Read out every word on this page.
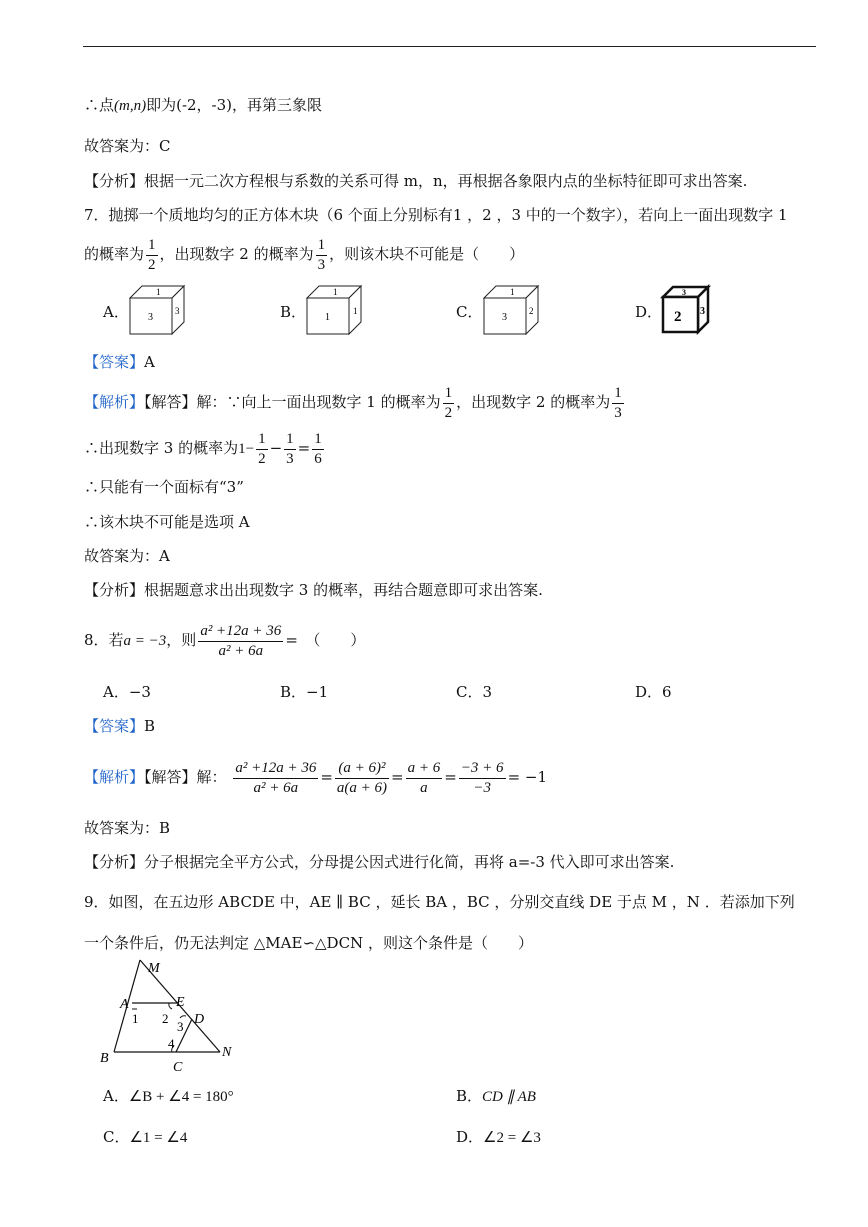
∴点(m,n)即为(-2，-3)，再第三象限
故答案为：C
【分析】根据一元二次方程根与系数的关系可得 m，n，再根据各象限内点的坐标特征即可求出答案.
7．抛掷一个质地均匀的正方体木块（6 个面上分别标有1 ，2 ，3 中的一个数字），若向上一面出现数字 1
的概率为 $\frac{1}{2}$ ，出现数字 2 的概率为 $\frac{1}{3}$ ，则该木块不可能是（　　）
A．
1
3
3	B．
1
1
1	C．
1
3
2	D．
3
2 3
【答案】A
【解析】【解答】解：∵向上一面出现数字 1 的概率为 $\frac{1}{2}$ ，出现数字 2 的概率为 $\frac{1}{3}$
∴出现数字 3 的概率为$1- \frac{1}{2} - \frac{1}{3} = \frac{1}{6}$
∴只能有一个面标有“3”
∴该木块不可能是选项 A
故答案为：A
【分析】根据题意求出出现数字 3 的概率，再结合题意即可求出答案.
8．若a = −3，则 $\frac{\text{a² +12a + 36}}{\text{a² + 6a}}$ =　（　　）
A．−3	B．−1	C．3	D．6
【答案】B
【解析】【解答】解： $\frac{\text{a² +12a + 36}}{\text{a² + 6a}} = \frac{\text{(a + 6)²}}{a(a + 6)} = \frac{a + 6}{a} = \frac{-3 + 6}{-3} = -1$
故答案为：B
【分析】分子根据完全平方公式，分母提公因式进行化简，再将 a=-3 代入即可求出答案.
9．如图，在五边形 ABCDE 中，AE ∥ BC ，延长 BA ，BC ，分别交直线 DE 于点 M ，N ．若添加下列
一个条件后，仍无法判定 △MAE∽△DCN ，则这个条件是（　　）
M
A	E
D
B
C
N
1 2
3
4
A．∠B + ∠4 = 180°	B．CD ∥ AB
C．∠1 = ∠4	D．∠2 = ∠3
